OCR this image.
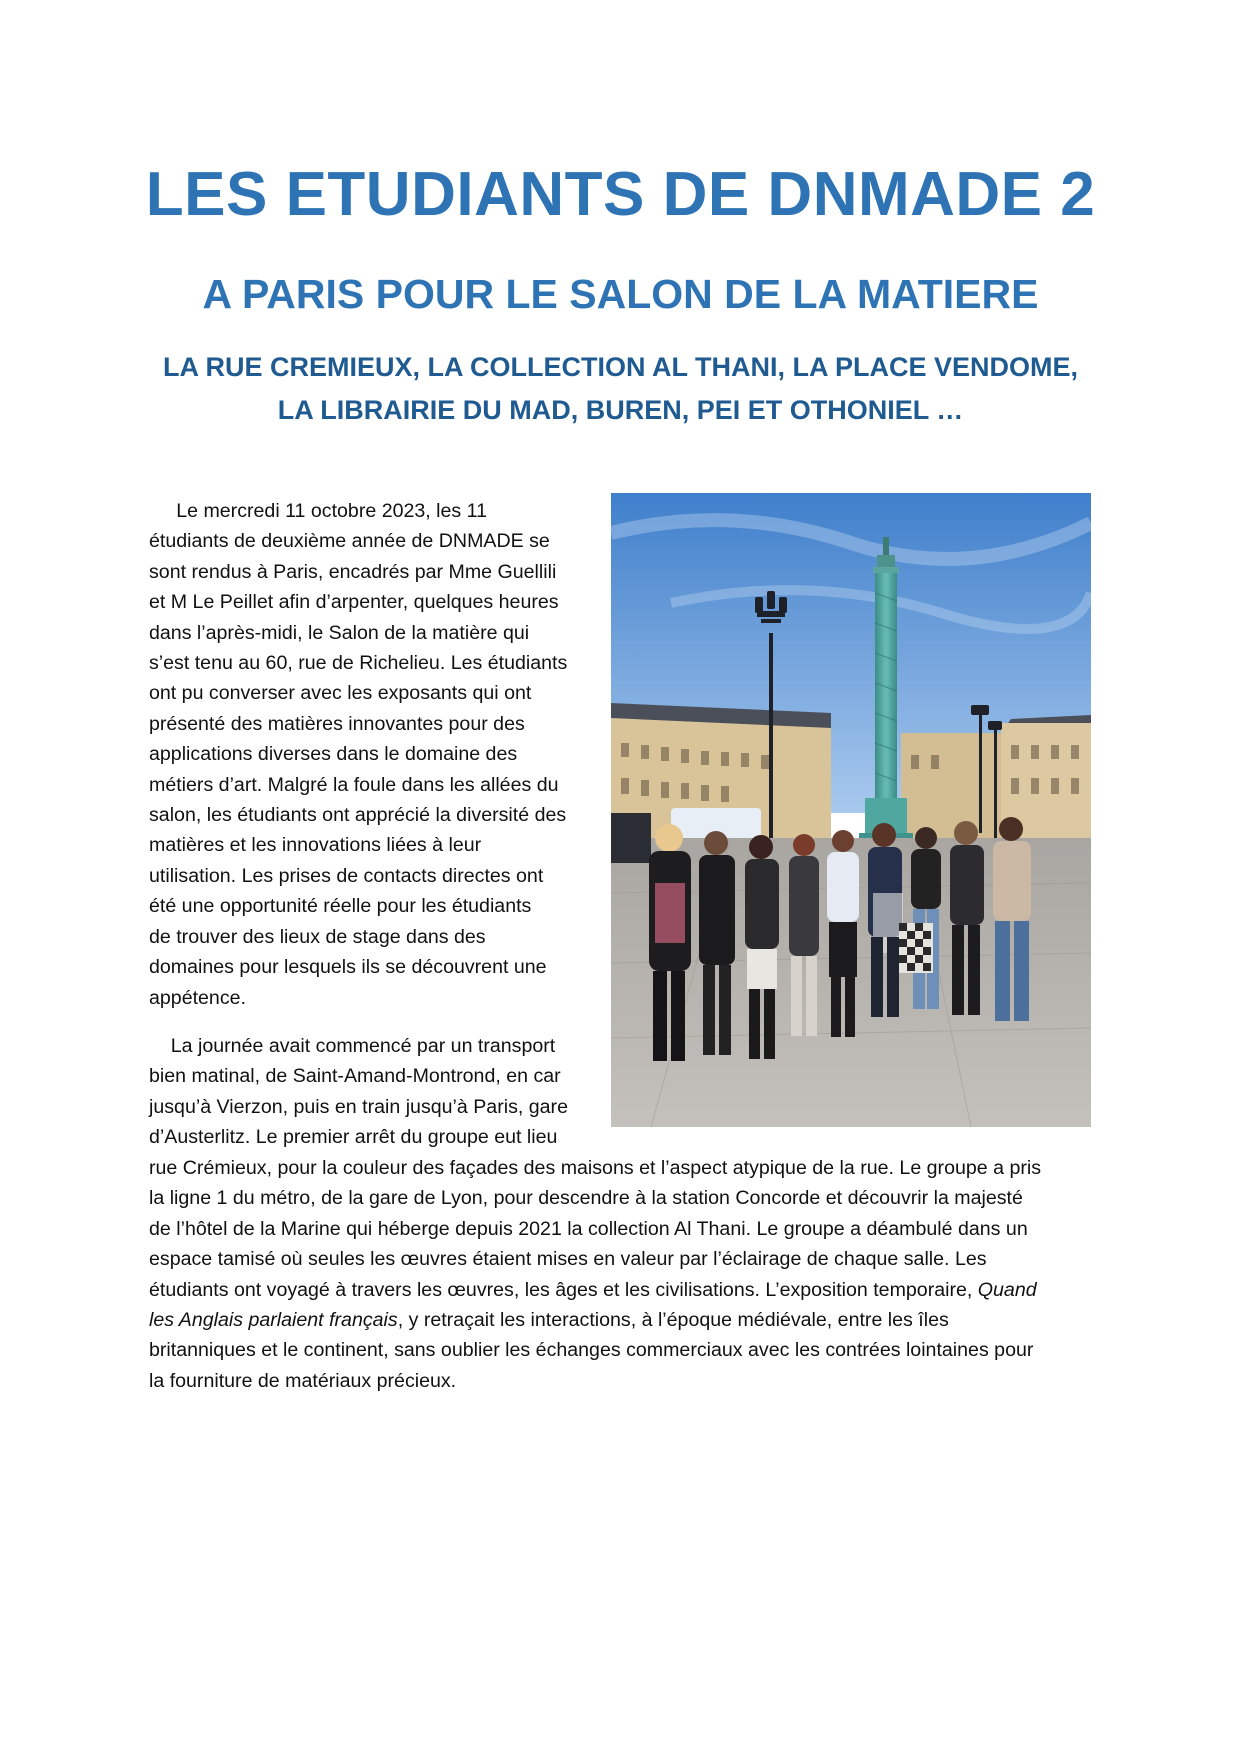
LES ETUDIANTS DE DNMADE 2
A PARIS POUR LE SALON DE LA MATIERE
LA RUE CREMIEUX, LA COLLECTION AL THANI, LA PLACE VENDOME,
LA LIBRAIRIE DU MAD, BUREN, PEI ET OTHONIEL …

Le mercredi 11 octobre 2023, les 11
étudiants de deuxième année de DNMADE se
sont rendus à Paris, encadrés par Mme Guellili
et M Le Peillet afin d’arpenter, quelques heures
dans l’après-midi, le Salon de la matière qui
s’est tenu au 60, rue de Richelieu. Les étudiants
ont pu converser avec les exposants qui ont
présenté des matières innovantes pour des
applications diverses dans le domaine des
métiers d’art. Malgré la foule dans les allées du
salon, les étudiants ont apprécié la diversité des
matières et les innovations liées à leur
utilisation. Les prises de contacts directes ont
été une opportunité réelle pour les étudiants
de trouver des lieux de stage dans des
domaines pour lesquels ils se découvrent une
appétence.

La journée avait commencé par un transport
bien matinal, de Saint-Amand-Montrond, en car
jusqu’à Vierzon, puis en train jusqu’à Paris, gare
d’Austerlitz. Le premier arrêt du groupe eut lieu

rue Crémieux, pour la couleur des façades des maisons et l’aspect atypique de la rue. Le groupe a pris
la ligne 1 du métro, de la gare de Lyon, pour descendre à la station Concorde et découvrir la majesté
de l’hôtel de la Marine qui héberge depuis 2021 la collection Al Thani. Le groupe a déambulé dans un
espace tamisé où seules les œuvres étaient mises en valeur par l’éclairage de chaque salle. Les
étudiants ont voyagé à travers les œuvres, les âges et les civilisations. L’exposition temporaire, Quand
les Anglais parlaient français, y retraçait les interactions, à l’époque médiévale, entre les îles
britanniques et le continent, sans oublier les échanges commerciaux avec les contrées lointaines pour
la fourniture de matériaux précieux.
